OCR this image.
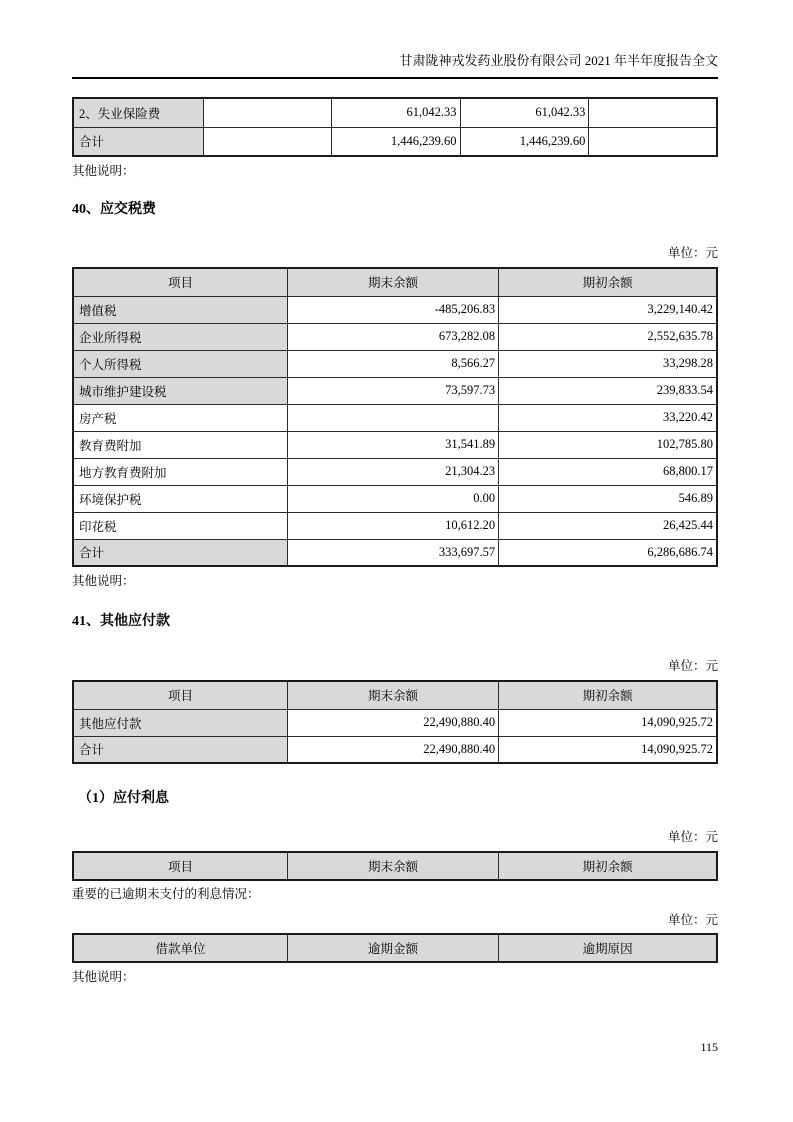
甘肃陇神戎发药业股份有限公司 2021 年半年度报告全文
2、失业保险费		61,042.33	61,042.33	
合计		1,446,239.60	1,446,239.60	

其他说明：

40、应交税费

单位：元

项目	期末余额	期初余额
增值税	-485,206.83	3,229,140.42
企业所得税	673,282.08	2,552,635.78
个人所得税	8,566.27	33,298.28
城市维护建设税	73,597.73	239,833.54
房产税		33,220.42
教育费附加	31,541.89	102,785.80
地方教育费附加	21,304.23	68,800.17
环境保护税	0.00	546.89
印花税	10,612.20	26,425.44
合计	333,697.57	6,286,686.74

其他说明：

41、其他应付款

单位：元

项目	期末余额	期初余额
其他应付款	22,490,880.40	14,090,925.72
合计	22,490,880.40	14,090,925.72
（1）应付利息

单位：元

项目	期末余额	期初余额

重要的已逾期未支付的利息情况：

单位：元

借款单位	逾期金额	逾期原因

其他说明：

115
